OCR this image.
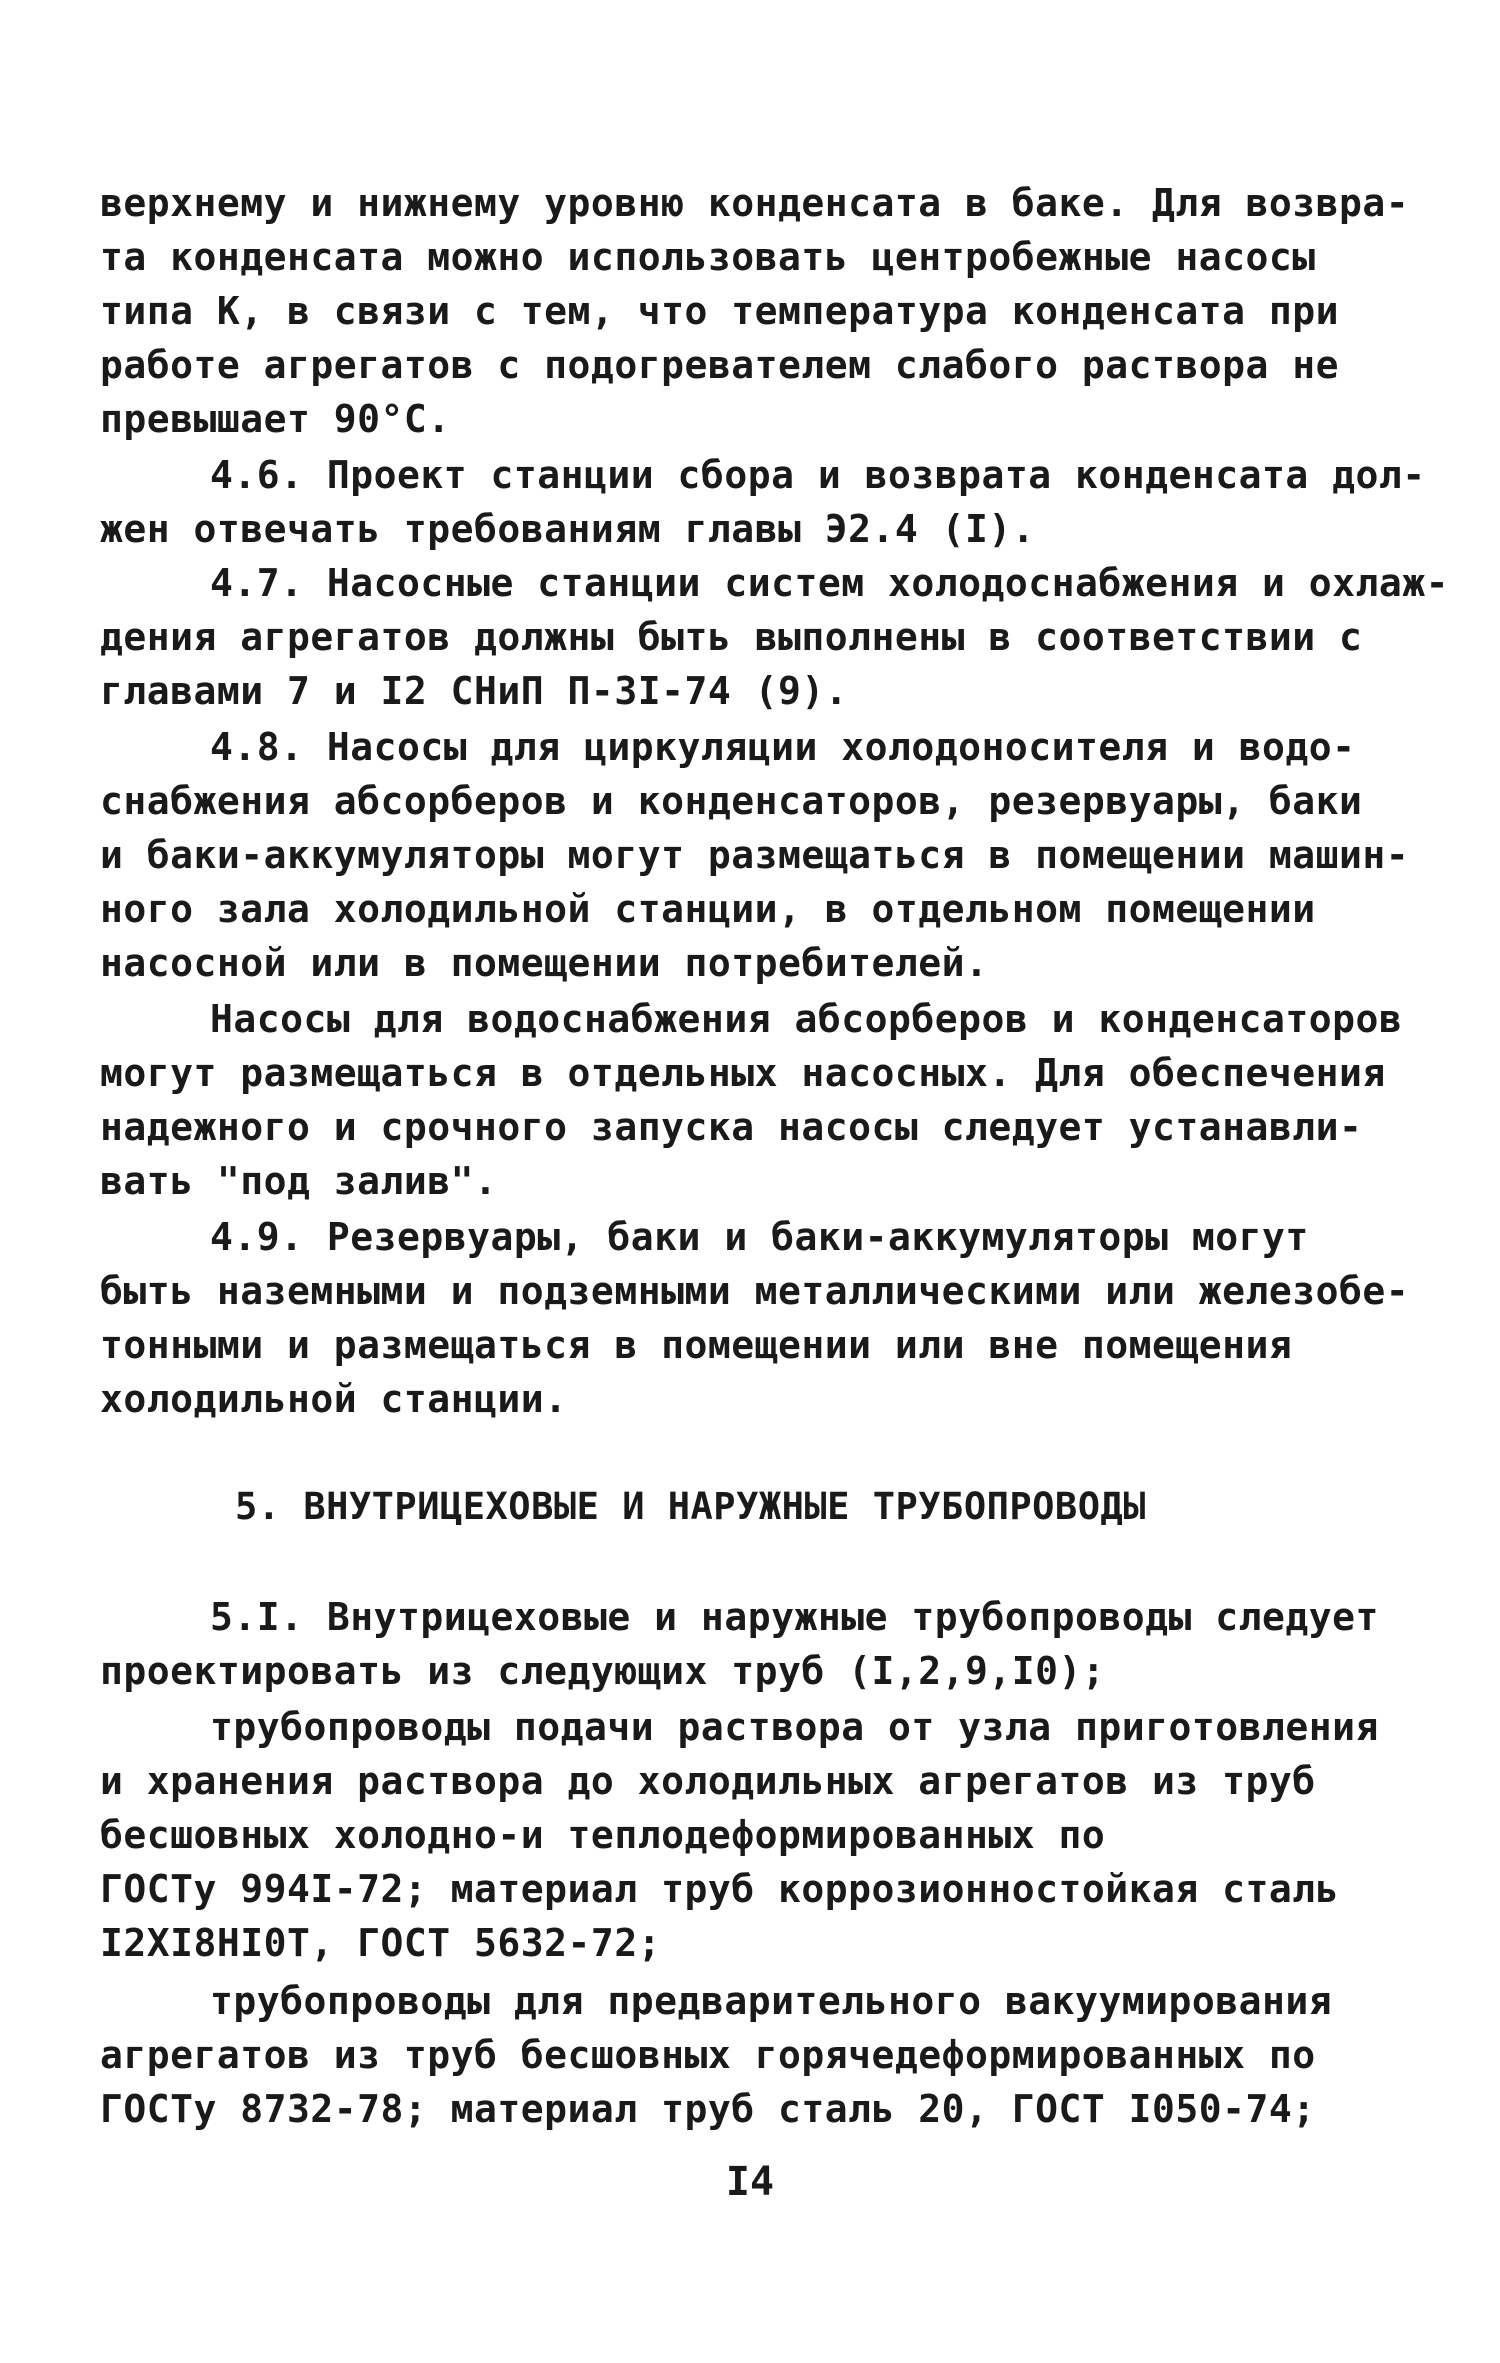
верхнему и нижнему уровню конденсата в баке. Для возвра-
та конденсата можно использовать центробежные насосы
типа К, в связи с тем, что температура конденсата при
работе агрегатов с подогревателем слабого раствора не
превышает 90°С.
4.6. Проект станции сбора и возврата конденсата дол-
жен отвечать требованиям главы Э2.4 (I).
4.7. Насосные станции систем холодоснабжения и охлаж-
дения агрегатов должны быть выполнены в соответствии с
главами 7 и I2 СНиП П-3I-74 (9).
4.8. Насосы для циркуляции холодоносителя и водо-
снабжения абсорберов и конденсаторов, резервуары, баки
и баки-аккумуляторы могут размещаться в помещении машин-
ного зала холодильной станции, в отдельном помещении
насосной или в помещении потребителей.
Насосы для водоснабжения абсорберов и конденсаторов
могут размещаться в отдельных насосных. Для обеспечения
надежного и срочного запуска насосы следует устанавли-
вать "под залив".
4.9. Резервуары, баки и баки-аккумуляторы могут
быть наземными и подземными металлическими или железобе-
тонными и размещаться в помещении или вне помещения
холодильной станции.
5. ВНУТРИЦЕХОВЫЕ И НАРУЖНЫЕ ТРУБОПРОВОДЫ
5.I. Внутрицеховые и наружные трубопроводы следует
проектировать из следующих труб (I,2,9,I0);
трубопроводы подачи раствора от узла приготовления
и хранения раствора до холодильных агрегатов из труб
бесшовных холодно-и теплодеформированных по
ГОСТу 994I-72; материал труб коррозионностойкая сталь
I2XI8HI0T, ГОСТ 5632-72;
трубопроводы для предварительного вакуумирования
агрегатов из труб бесшовных горячедеформированных по
ГОСТу 8732-78; материал труб сталь 20, ГОСТ I050-74;
I4
